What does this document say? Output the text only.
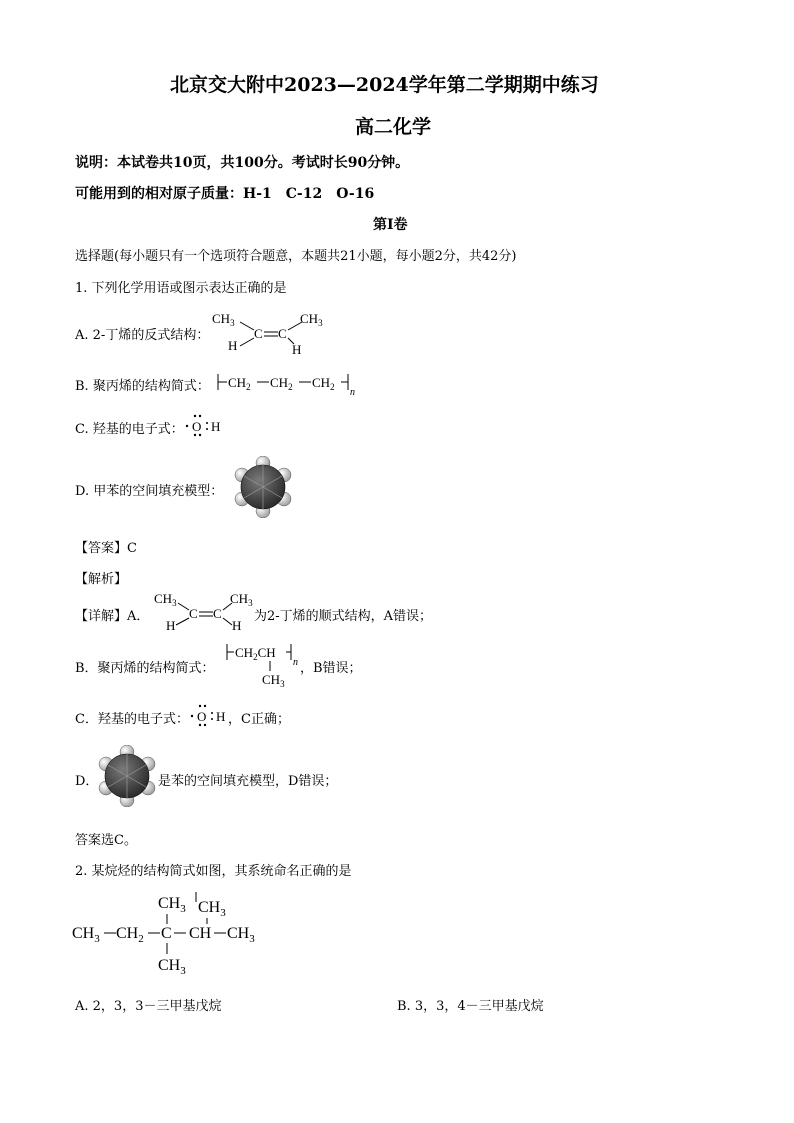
北京交大附中2023—2024学年第二学期期中练习
高二化学
说明：本试卷共10页，共100分。考试时长90分钟。
可能用到的相对原子质量：H-1　C-12　O-16
第Ⅰ卷
选择题(每小题只有一个选项符合题意，本题共21小题，每小题2分，共42分)
1. 下列化学用语或图示表达正确的是
A. 2-丁烯的反式结构：
$CH_3$
H
C C
$CH_3$
H
B. 聚丙烯的结构简式： $CH_2$ $CH_2$ $CH_2$ n
C. 羟基的电子式： O H
D. 甲苯的空间填充模型：
【答案】C
【解析】
【详解】A．
$CH_3$
H
C C
$CH_3$
H
为2-丁烯的顺式结构，A错误；
B．聚丙烯的结构简式：
$CH_2CH$
n
$CH_3$
，B错误；
C．羟基的电子式： O H ，C正确；
D．	是苯的空间填充模型，D错误；
答案选C。
2. 某烷烃的结构简式如图，其系统命名正确的是
$CH_3$ $CH_3$
$CH_3$ $CH_2$ C CH $CH_3$
$CH_3$
A. 2，3，3－三甲基戊烷	B. 3，3，4－三甲基戊烷
